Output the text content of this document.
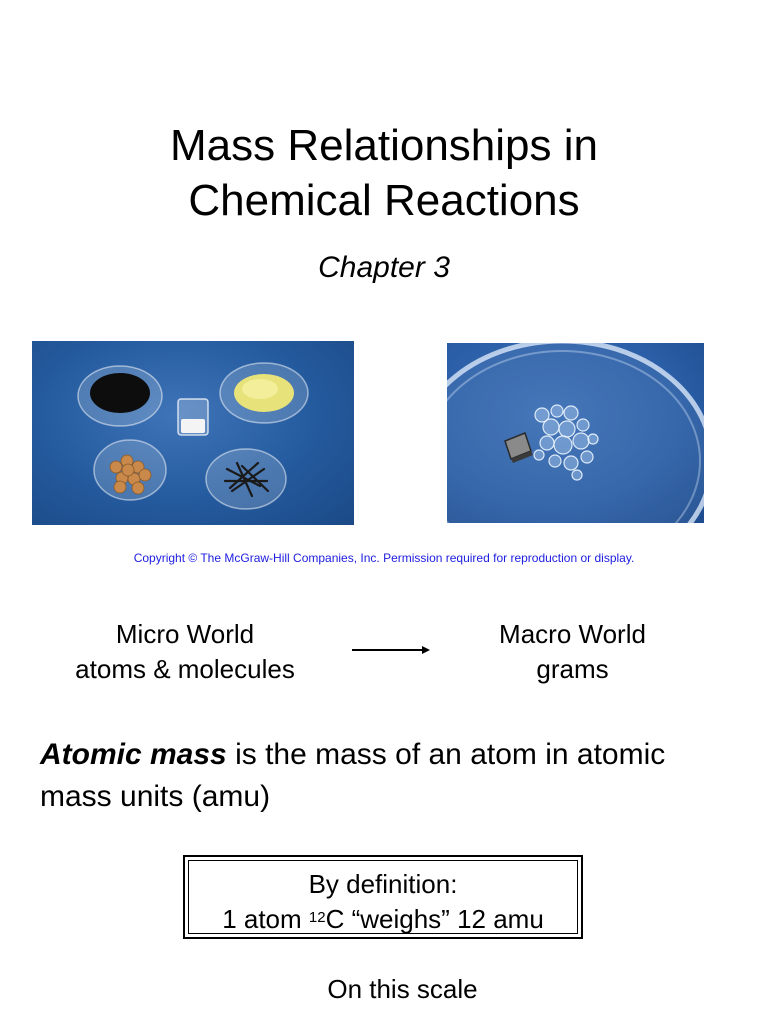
Mass Relationships in
Chemical Reactions
Chapter 3
Copyright © The McGraw-Hill Companies, Inc. Permission required for reproduction or display.
Micro World
atoms & molecules
Macro World
grams
Atomic mass is the mass of an atom in atomic mass units (amu)
By definition:
1 atom $^{12}$C “weighs” 12 amu
On this scale
